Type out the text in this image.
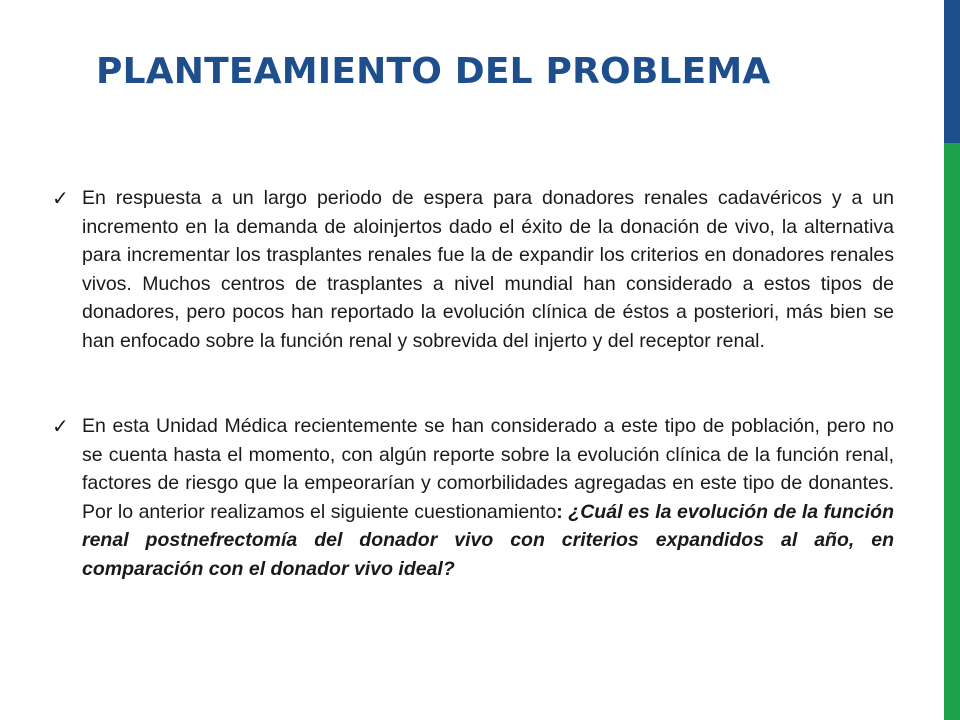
PLANTEAMIENTO DEL PROBLEMA
✓ En respuesta a un largo periodo de espera para donadores renales cadavéricos y a un incremento en la demanda de aloinjertos dado el éxito de la donación de vivo, la alternativa para incrementar los trasplantes renales fue la de expandir los criterios en donadores renales vivos. Muchos centros de trasplantes a nivel mundial han considerado a estos tipos de donadores, pero pocos han reportado la evolución clínica de éstos a posteriori, más bien se han enfocado sobre la función renal y sobrevida del injerto y del receptor renal.
✓ En esta Unidad Médica recientemente se han considerado a este tipo de población, pero no se cuenta hasta el momento, con algún reporte sobre la evolución clínica de la función renal, factores de riesgo que la empeorarían y comorbilidades agregadas en este tipo de donantes. Por lo anterior realizamos el siguiente cuestionamiento: ¿Cuál es la evolución de la función renal postnefrectomía del donador vivo con criterios expandidos al año, en comparación con el donador vivo ideal?
